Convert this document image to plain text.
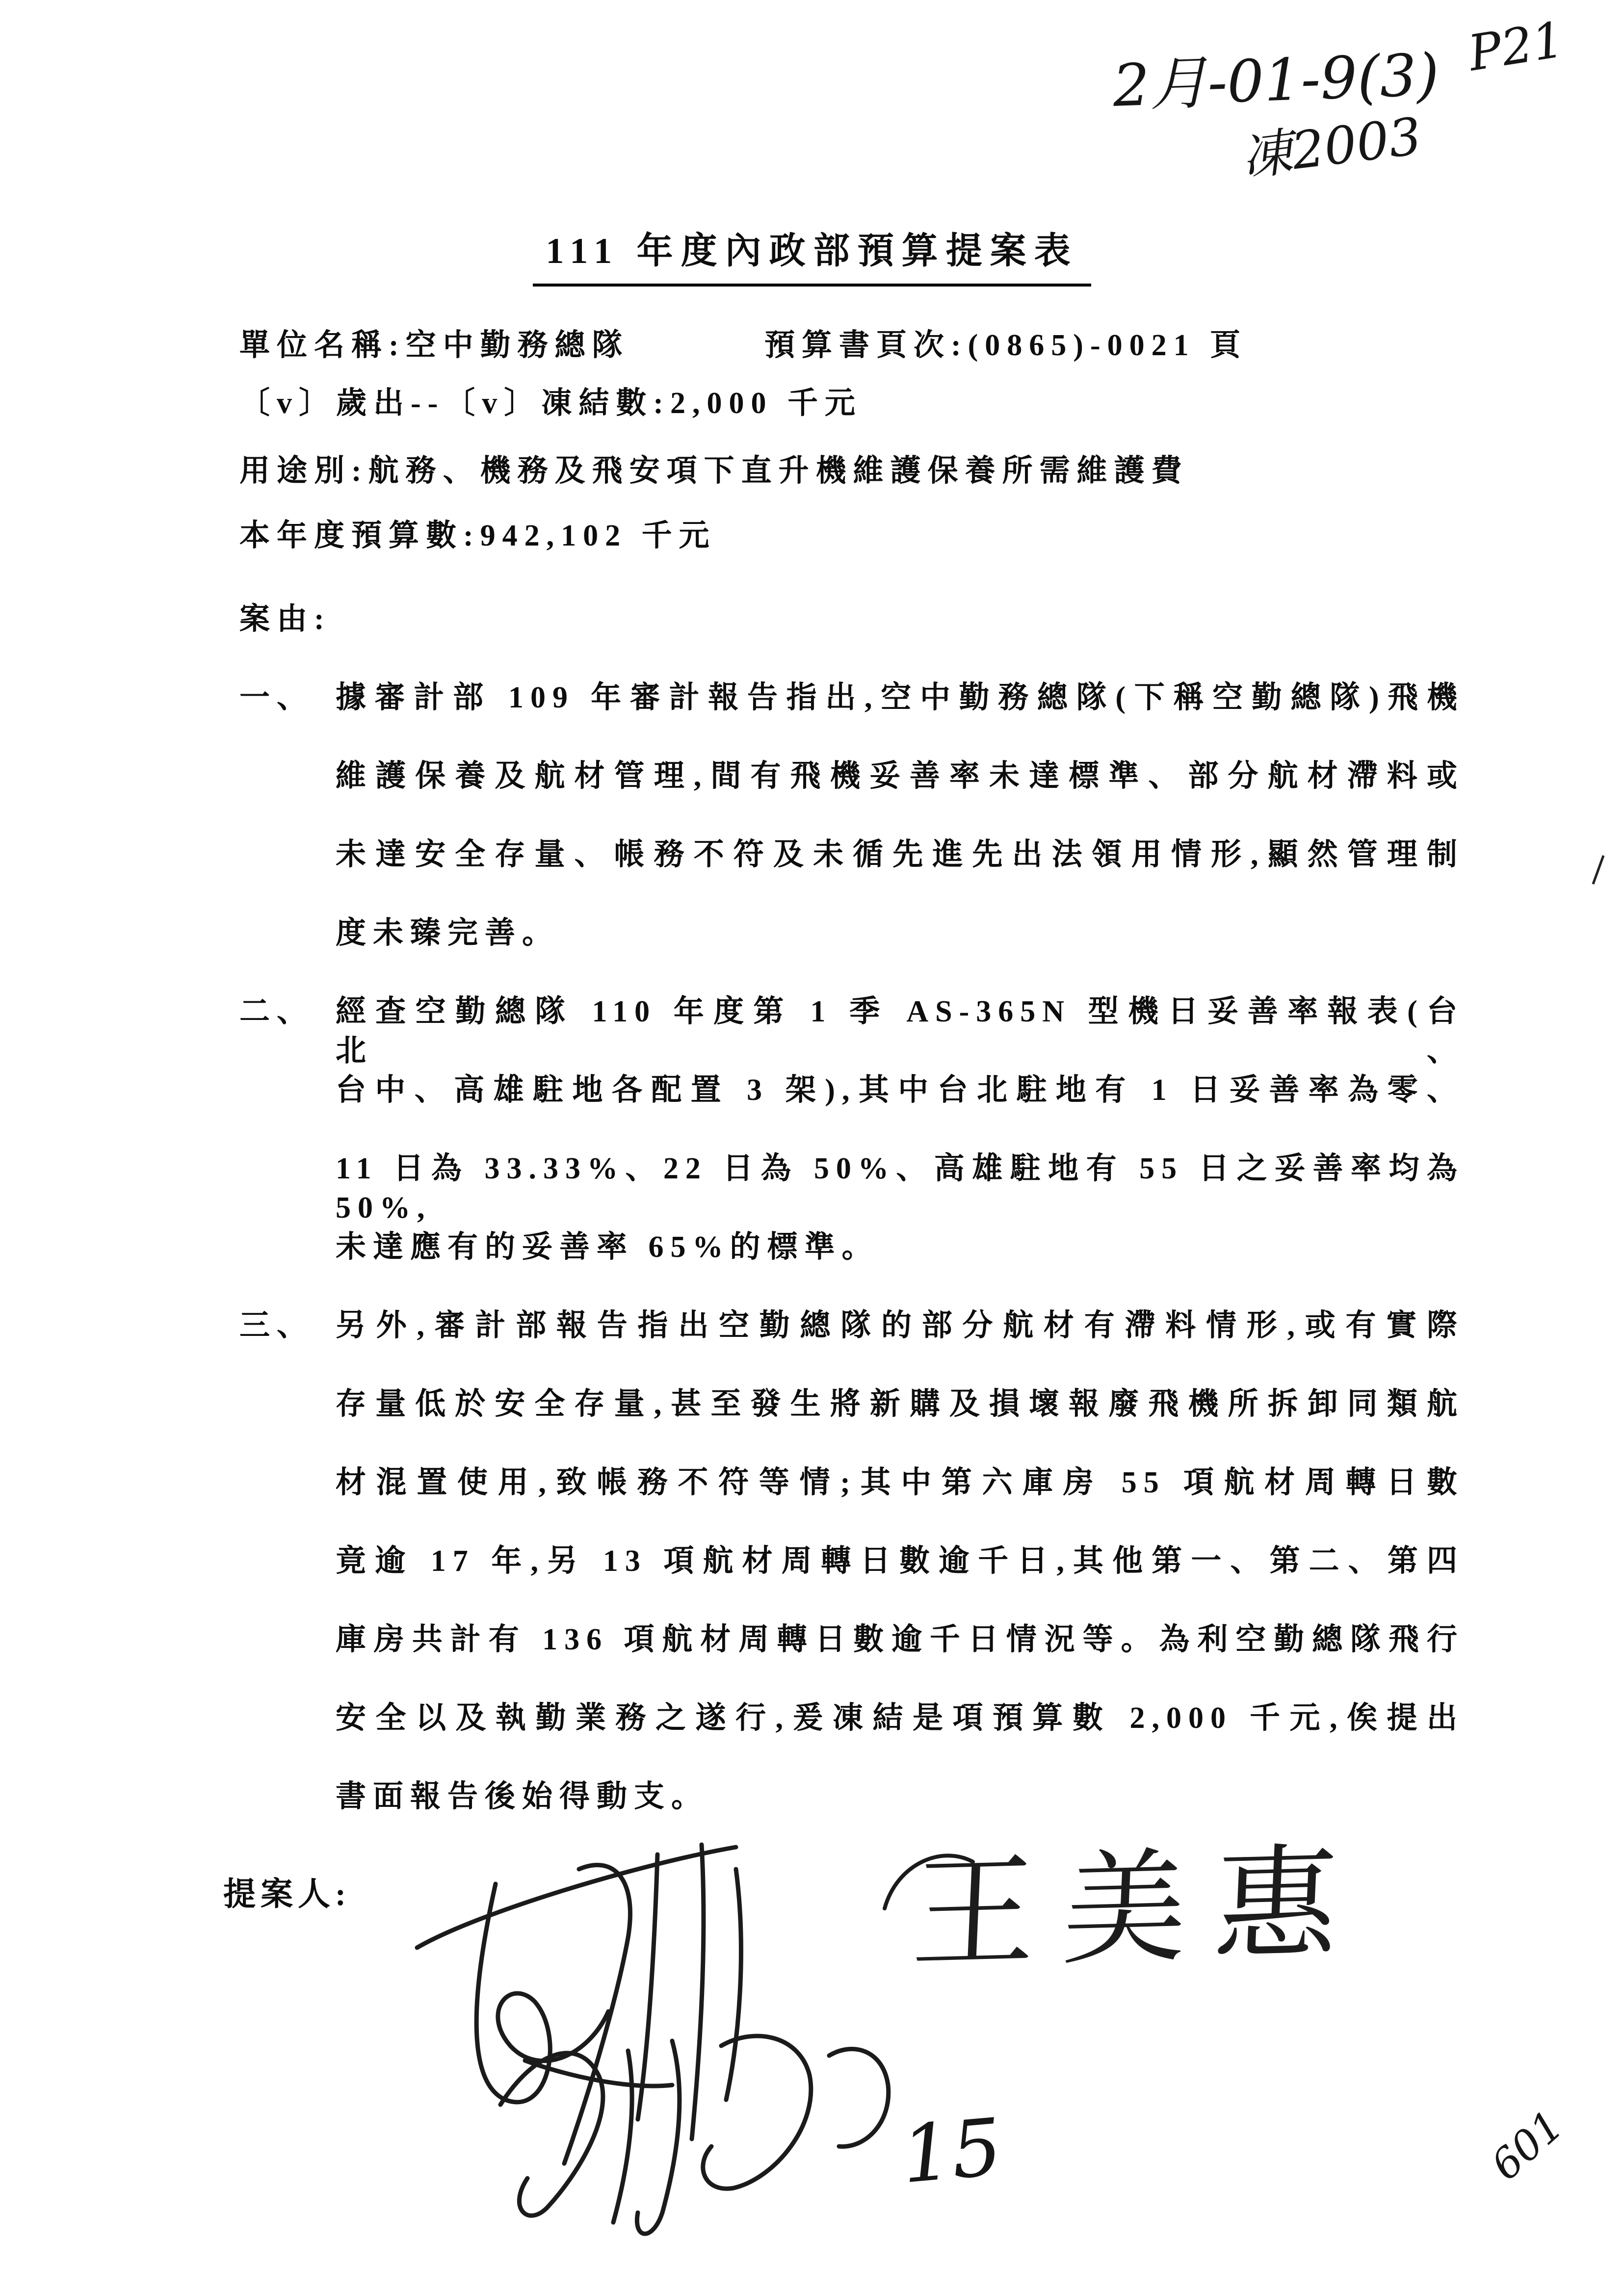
2月-01-9(3) P21
凍2003
111 年度內政部預算提案表
單位名稱:空中勤務總隊	預算書頁次:(0865)-0021 頁
〔v〕歲出--〔v〕凍結數:2,000 千元
用途別:航務、機務及飛安項下直升機維護保養所需維護費
本年度預算數:942,102 千元
案由:
一、 據審計部 109 年審計報告指出,空中勤務總隊(下稱空勤總隊)飛機
維護保養及航材管理,間有飛機妥善率未達標準、部分航材滯料或
未達安全存量、帳務不符及未循先進先出法領用情形,顯然管理制
度未臻完善。
二、 經查空勤總隊 110 年度第 1 季 AS-365N 型機日妥善率報表(台北、
台中、高雄駐地各配置 3 架),其中台北駐地有 1 日妥善率為零、
11 日為 33.33%、22 日為 50%、高雄駐地有 55 日之妥善率均為 50%,
未達應有的妥善率 65%的標準。
三、 另外,審計部報告指出空勤總隊的部分航材有滯料情形,或有實際
存量低於安全存量,甚至發生將新購及損壞報廢飛機所拆卸同類航
材混置使用,致帳務不符等情;其中第六庫房 55 項航材周轉日數
竟逾 17 年,另 13 項航材周轉日數逾千日,其他第一、第二、第四
庫房共計有 136 項航材周轉日數逾千日情況等。為利空勤總隊飛行
安全以及執勤業務之遂行,爰凍結是項預算數 2,000 千元,俟提出
書面報告後始得動支。
提案人:	王美惠
15	601
